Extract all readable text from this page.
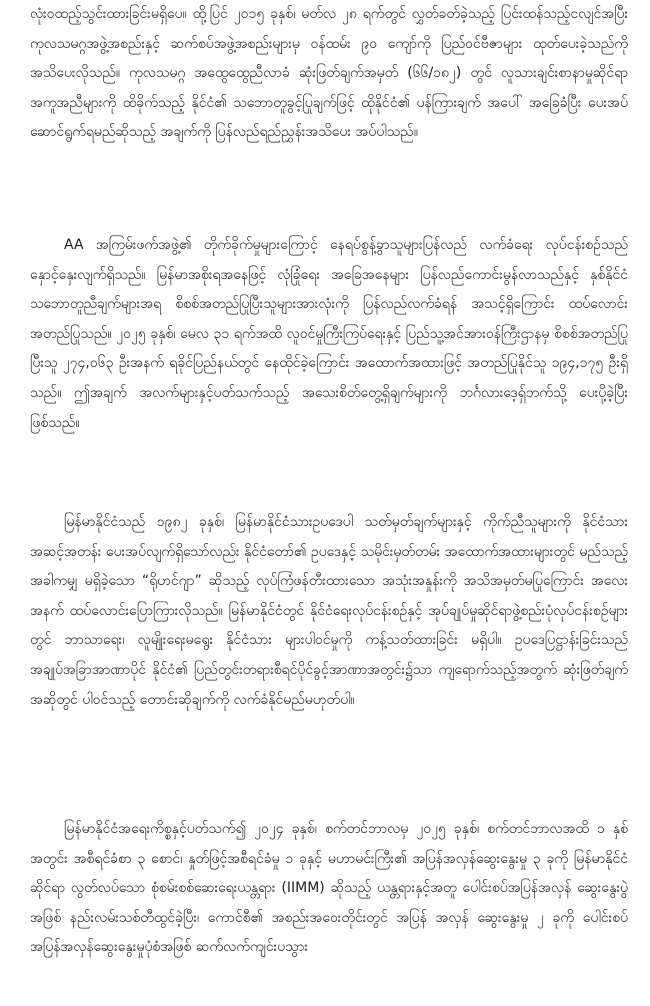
လုံးဝထည့်သွင်းထားခြင်းမရှိပေ။ ထို့ပြင် ၂၀၁၅ ခုနှစ်၊ မတ်လ ၂၈ ရက်တွင် လွှတ်ခတ်ခဲ့သည့် ပြင်းထန်သည့်ငလျင်အပြီး ကုလသမဂ္ဂအဖွဲ့အစည်းနှင့် ဆက်စပ်အဖွဲ့အစည်းများမှ ဝန်ထမ်း ၉၀ ကျော်ကို ပြည်ဝင်ဗီဇာများ ထုတ်ပေးခဲ့သည်ကို အသိပေးလိုသည်။ ကုလသမဂ္ဂ အထွေထွေညီလာခံ ဆုံးဖြတ်ချက်အမှတ် (၆၆/၁၈၂) တွင် လူသားချင်းစာနာမှုဆိုင်ရာ အကူအညီများကို ထိခိုက်သည့် နိုင်ငံ၏ သဘောတူခွင့်ပြုချက်ဖြင့် ထိုနိုင်ငံ၏ ပန်ကြားချက် အပေါ် အခြေခံပြီး ပေးအပ်ဆောင်ရွက်ရမည်ဆိုသည့် အချက်ကို ပြန်လည်ရည်ညွှန်းအသိပေး အပ်ပါသည်။

AA အကြမ်းဖက်အဖွဲ့၏ တိုက်ခိုက်မှုများကြောင့် နေရပ်စွန့်ခွာသူများပြန်လည် လက်ခံရေး လုပ်ငန်းစဉ်သည် နှောင့်နှေးလျက်ရှိသည်။ မြန်မာအစိုးရအနေဖြင့် လုံခြုံရေး အခြေအနေများ ပြန်လည်ကောင်းမွန်လာသည်နှင့် နှစ်နိုင်ငံသဘောတူညီချက်များအရ စိစစ်အတည်ပြုပြီးသူများအားလုံးကို ပြန်လည်လက်ခံရန် အသင့်ရှိကြောင်း ထပ်လောင်း အတည်ပြုသည်။ ၂၀၂၅ ခုနှစ်၊ မေလ ၃၁ ရက်အထိ လူဝင်မှုကြီးကြပ်ရေးနှင့် ပြည်သူ့အင်အားဝန်ကြီးဌာနမှ စိစစ်အတည်ပြုပြီးသူ ၂၇၄,၀၆၃ ဦးအနက် ရခိုင်ပြည်နယ်တွင် နေထိုင်ခဲ့ကြောင်း အထောက်အထားဖြင့် အတည်ပြုနိုင်သူ ၁၉၄,၁၇၅ ဦးရှိသည်။ ဤအချက် အလက်များနှင့်ပတ်သက်သည့် အသေးစိတ်တွေ့ရှိချက်များကို ဘင်္ဂလားဒေ့ရှ်ဘက်သို့ ပေးပို့ခဲ့ပြီးဖြစ်သည်။

မြန်မာနိုင်ငံသည် ၁၉၈၂ ခုနှစ်၊ မြန်မာနိုင်ငံသားဥပဒေပါ သတ်မှတ်ချက်များနှင့် ကိုက်ညီသူများကို နိုင်ငံသားအဆင့်အတန်း ပေးအပ်လျက်ရှိသော်လည်း နိုင်ငံတော်၏ ဥပဒေနှင့် သမိုင်းမှတ်တမ်း အထောက်အထားများတွင် မည်သည့်အခါကမျှ မရှိခဲ့သော “ရိုဟင်ဂျာ” ဆိုသည့် လုပ်ကြံဖန်တီးထားသော အသုံးအနှုန်းကို အသိအမှတ်မပြုကြောင်း အလေးအနက် ထပ်လောင်းပြောကြားလိုသည်။ မြန်မာနိုင်ငံတွင် နိုင်ငံရေးလုပ်ငန်းစဉ်နှင့် အုပ်ချုပ်မှုဆိုင်ရာဖွဲ့စည်းပုံလုပ်ငန်းစဉ်များတွင် ဘာသာရေး၊ လူမျိုးရေးမရွေး နိုင်ငံသား များပါဝင်မှုကို ကန့်သတ်ထားခြင်း မရှိပါ။ ဥပဒေပြဋ္ဌာန်းခြင်းသည် အချုပ်အခြာအာဏာပိုင် နိုင်ငံ၏ ပြည်တွင်းတရားစီရင်ပိုင်ခွင့်အာဏာအတွင်း၌သာ ကျရောက်သည့်အတွက် ဆုံးဖြတ်ချက်အဆိုတွင် ပါဝင်သည့် တောင်းဆိုချက်ကို လက်ခံနိုင်မည်မဟုတ်ပါ။

မြန်မာနိုင်ငံအရေးကိစ္စနှင့်ပတ်သက်၍ ၂၀၂၄ ခုနှစ်၊ စက်တင်ဘာလမှ ၂၀၂၅ ခုနှစ်၊ စက်တင်ဘာလအထိ ၁ နှစ်အတွင်း အစီရင်ခံစာ ၃ စောင်၊ နှုတ်ဖြင့်အစီရင်ခံမှု ၁ ခုနှင့် မဟာမင်းကြီး၏ အပြန်အလှန်ဆွေးနွေးမှု ၃ ခုကို မြန်မာနိုင်ငံဆိုင်ရာ လွတ်လပ်သော စုံစမ်းစစ်ဆေးရေးယန္တရား (IIMM) ဆိုသည့် ယန္တရားနှင့်အတူ ပေါင်းစပ်အပြန်အလှန် ဆွေးနွေးပွဲအဖြစ် နည်းလမ်းသစ်တီထွင်ခဲ့ပြီး၊ ကောင်စီ၏ အစည်းအဝေးတိုင်းတွင် အပြန် အလှန် ဆွေးနွေးမှု ၂ ခုကို ပေါင်းစပ်အပြန်အလှန်ဆွေးနွေးမှုပုံစံအဖြစ် ဆက်လက်ကျင်းပသွား
